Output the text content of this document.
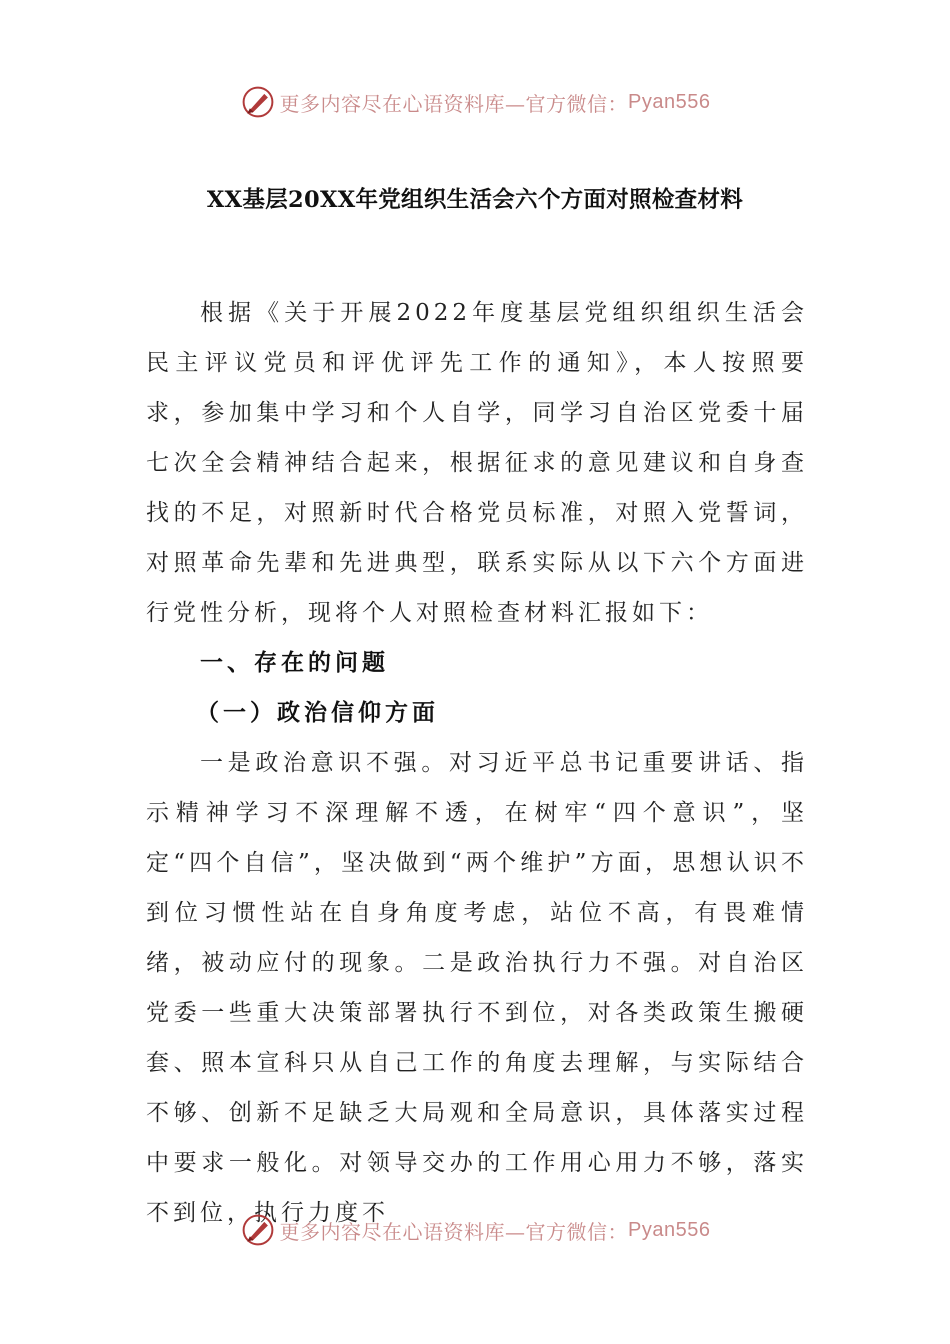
更多内容尽在心语资料库—官方微信： Pyan556
XX基层20XX年党组织生活会六个方面对照检查材料

根据《关于开展2022年度基层党组织组织生活会民主评议党员和评优评先工作的通知》，本人按照要求，参加集中学习和个人自学，同学习自治区党委十届七次全会精神结合起来，根据征求的意见建议和自身查找的不足，对照新时代合格党员标准，对照入党誓词，对照革命先辈和先进典型，联系实际从以下六个方面进行党性分析，现将个人对照检查材料汇报如下：

一、存在的问题

（一）政治信仰方面

一是政治意识不强。对习近平总书记重要讲话、指示精神学习不深理解不透，在树牢“四个意识”，坚定“四个自信”，坚决做到“两个维护”方面，思想认识不到位习惯性站在自身角度考虑，站位不高，有畏难情绪，被动应付的现象。二是政治执行力不强。对自治区党委一些重大决策部署执行不到位，对各类政策生搬硬套、照本宣科只从自己工作的角度去理解，与实际结合不够、创新不足缺乏大局观和全局意识，具体落实过程中要求一般化。对领导交办的工作用心用力不够，落实不到位，执行力度不

更多内容尽在心语资料库—官方微信： Pyan556
